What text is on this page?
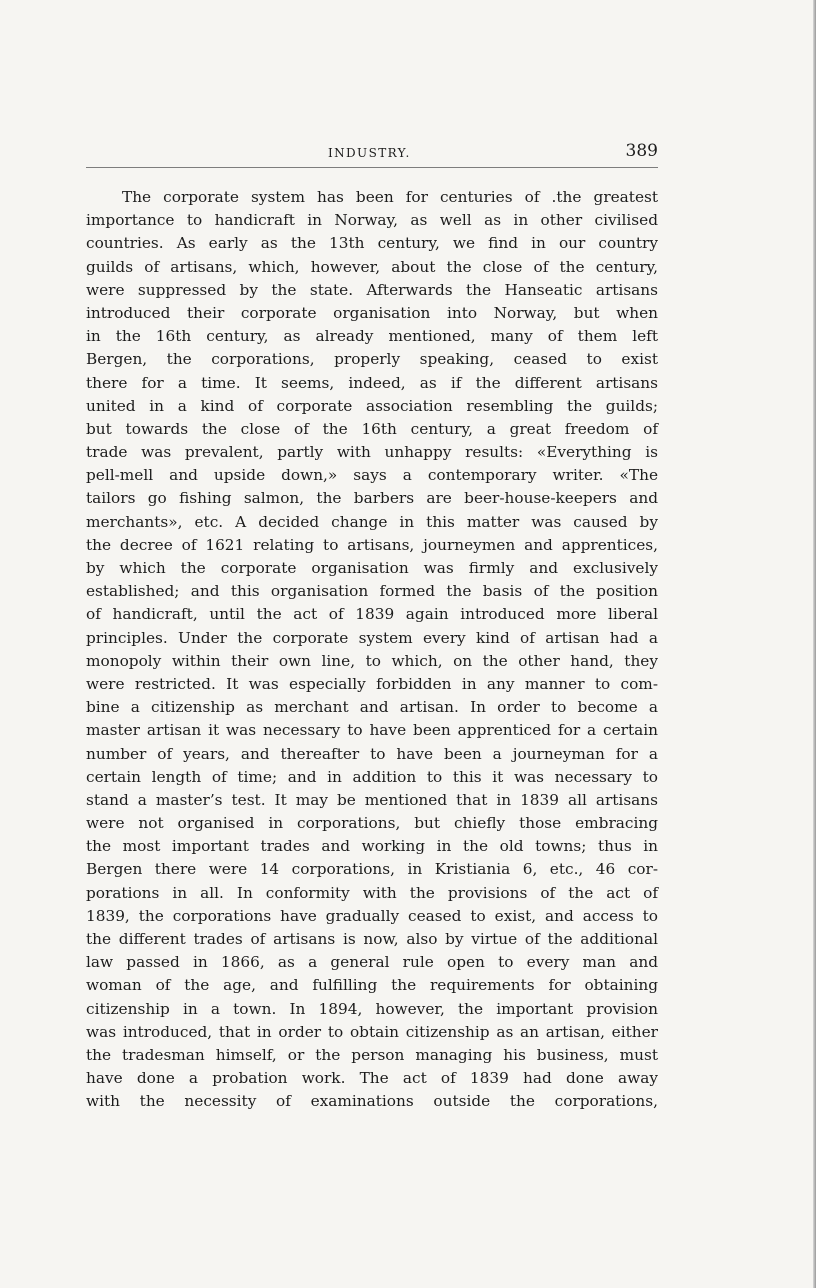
INDUSTRY.	389
The corporate system has been for centuries of .the greatest
importance to handicraft in Norway, as well as in other civilised
countries. As early as the 13th century, we find in our country
guilds of artisans, which, however, about the close of the century,
were suppressed by the state. Afterwards the Hanseatic artisans
introduced their corporate organisation into Norway, but when
in the 16th century, as already mentioned, many of them left
Bergen, the corporations, properly speaking, ceased to exist
there for a time. It seems, indeed, as if the different artisans
united in a kind of corporate association resembling the guilds;
but towards the close of the 16th century, a great freedom of
trade was prevalent, partly with unhappy results: «Everything is
pell-mell and upside down,» says a contemporary writer. «The
tailors go fishing salmon, the barbers are beer-house-keepers and
merchants», etc. A decided change in this matter was caused by
the decree of 1621 relating to artisans, journeymen and apprentices,
by which the corporate organisation was firmly and exclusively
established; and this organisation formed the basis of the position
of handicraft, until the act of 1839 again introduced more liberal
principles. Under the corporate system every kind of artisan had a
monopoly within their own line, to which, on the other hand, they
were restricted. It was especially forbidden in any manner to com-
bine a citizenship as merchant and artisan. In order to become a
master artisan it was necessary to have been apprenticed for a certain
number of years, and thereafter to have been a journeyman for a
certain length of time; and in addition to this it was necessary to
stand a master’s test. It may be mentioned that in 1839 all artisans
were not organised in corporations, but chiefly those embracing
the most important trades and working in the old towns; thus in
Bergen there were 14 corporations, in Kristiania 6, etc., 46 cor-
porations in all. In conformity with the provisions of the act of
1839, the corporations have gradually ceased to exist, and access to
the different trades of artisans is now, also by virtue of the additional
law passed in 1866, as a general rule open to every man and
woman of the age, and fulfilling the requirements for obtaining
citizenship in a town. In 1894, however, the important provision
was introduced, that in order to obtain citizenship as an artisan, either
the tradesman himself, or the person managing his business, must
have done a probation work. The act of 1839 had done away
with the necessity of examinations outside the corporations,
